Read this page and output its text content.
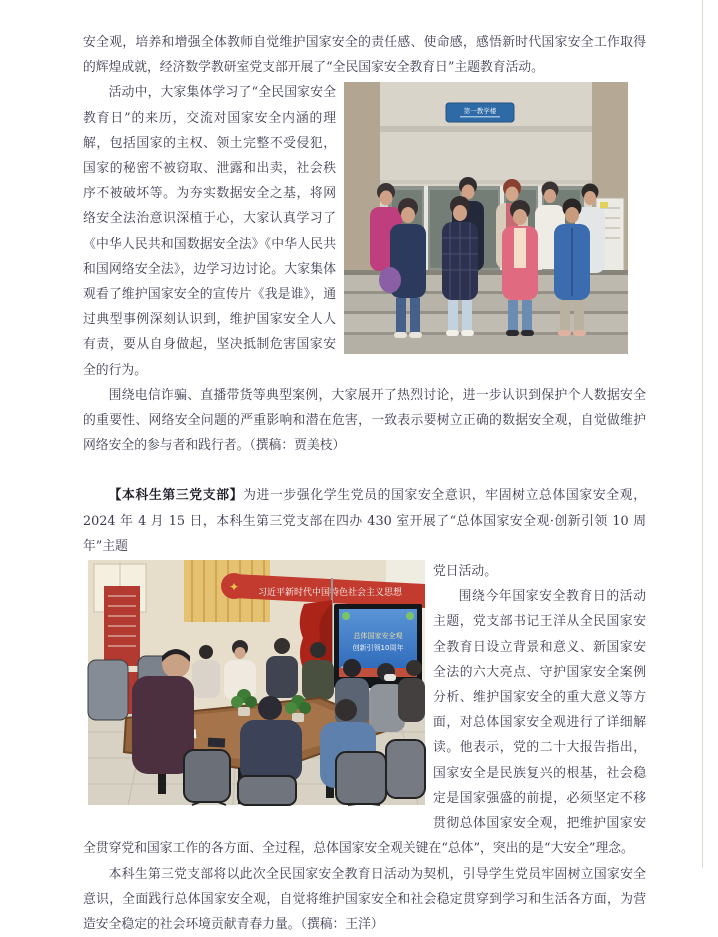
安全观，培养和增强全体教师自觉维护国家安全的责任感、使命感，感悟新时代国家安全工作取得的辉煌成就，经济数学教研室党支部开展了“全民国家安全教育日”主题教育活动。

第一教学楼

活动中，大家集体学习了“全民国家安全教育日”的来历，交流对国家安全内涵的理解，包括国家的主权、领土完整不受侵犯，国家的秘密不被窃取、泄露和出卖，社会秩序不被破坏等。为夯实数据安全之基，将网络安全法治意识深植于心，大家认真学习了《中华人民共和国数据安全法》《中华人民共和国网络安全法》，边学习边讨论。大家集体观看了维护国家安全的宣传片《我是谁》，通过典型事例深刻认识到，维护国家安全人人有责，要从自身做起，坚决抵制危害国家安全的行为。

围绕电信诈骗、直播带货等典型案例，大家展开了热烈讨论，进一步认识到保护个人数据安全的重要性、网络安全问题的严重影响和潜在危害，一致表示要树立正确的数据安全观，自觉做维护网络安全的参与者和践行者。（撰稿：贾美枝）

【本科生第三党支部】为进一步强化学生党员的国家安全意识，牢固树立总体国家安全观，2024 年 4 月 15 日，本科生第三党支部在四办 430 室开展了“总体国家安全观·创新引领 10 周年”主题

✦ 习近平新时代中国特色社会主义思想
总体国家安全观
创新引领10周年

党日活动。

围绕今年国家安全教育日的活动主题，党支部书记王洋从全民国家安全教育日设立背景和意义、新国家安全法的六大亮点、守护国家安全案例分析、维护国家安全的重大意义等方面，对总体国家安全观进行了详细解读。他表示，党的二十大报告指出，国家安全是民族复兴的根基，社会稳定是国家强盛的前提，必须坚定不移贯彻总体国家安全观，把维护国家安全贯穿党和国家工作的各方面、全过程，总体国家安全观关键在“总体”，突出的是“大安全”理念。

本科生第三党支部将以此次全民国家安全教育日活动为契机，引导学生党员牢固树立国家安全意识，全面践行总体国家安全观，自觉将维护国家安全和社会稳定贯穿到学习和生活各方面，为营造安全稳定的社会环境贡献青春力量。（撰稿：王洋）
